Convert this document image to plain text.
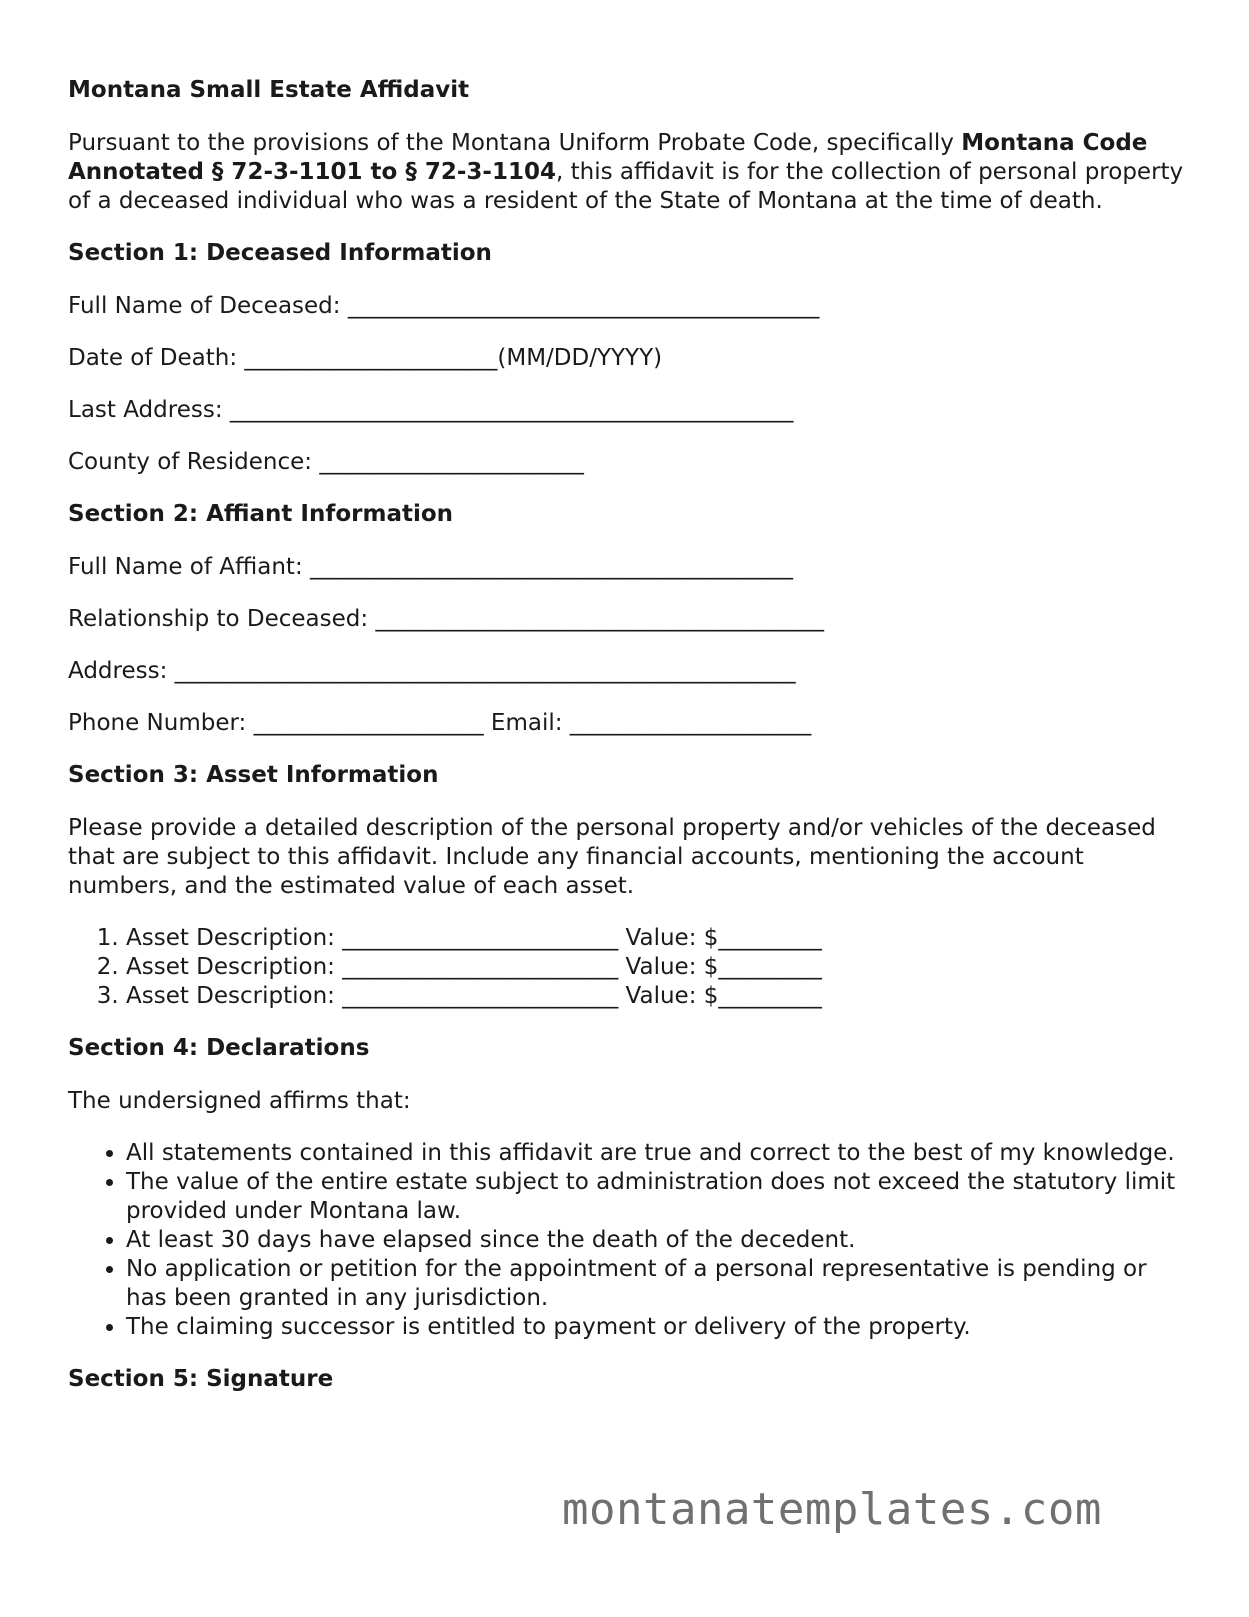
Montana Small Estate Affidavit

Pursuant to the provisions of the Montana Uniform Probate Code, specifically Montana Code Annotated § 72-3-1101 to § 72-3-1104, this affidavit is for the collection of personal property of a deceased individual who was a resident of the State of Montana at the time of death.

Section 1: Deceased Information
Full Name of Deceased: _________________________________________
Date of Death: ______________________(MM/DD/YYYY)
Last Address: _________________________________________________
County of Residence: _______________________
Section 2: Affiant Information
Full Name of Affiant: __________________________________________
Relationship to Deceased: _______________________________________
Address: ______________________________________________________
Phone Number: ____________________ Email: _____________________
Section 3: Asset Information

Please provide a detailed description of the personal property and/or vehicles of the deceased that are subject to this affidavit. Include any financial accounts, mentioning the account numbers, and the estimated value of each asset.

1. Asset Description: ________________________ Value: $_________
2. Asset Description: ________________________ Value: $_________
3. Asset Description: ________________________ Value: $_________
Section 4: Declarations

The undersigned affirms that:

• All statements contained in this affidavit are true and correct to the best of my knowledge.
• The value of the entire estate subject to administration does not exceed the statutory limit provided under Montana law.
• At least 30 days have elapsed since the death of the decedent.
• No application or petition for the appointment of a personal representative is pending or has been granted in any jurisdiction.
• The claiming successor is entitled to payment or delivery of the property.
Section 5: Signature
montanatemplates.com
